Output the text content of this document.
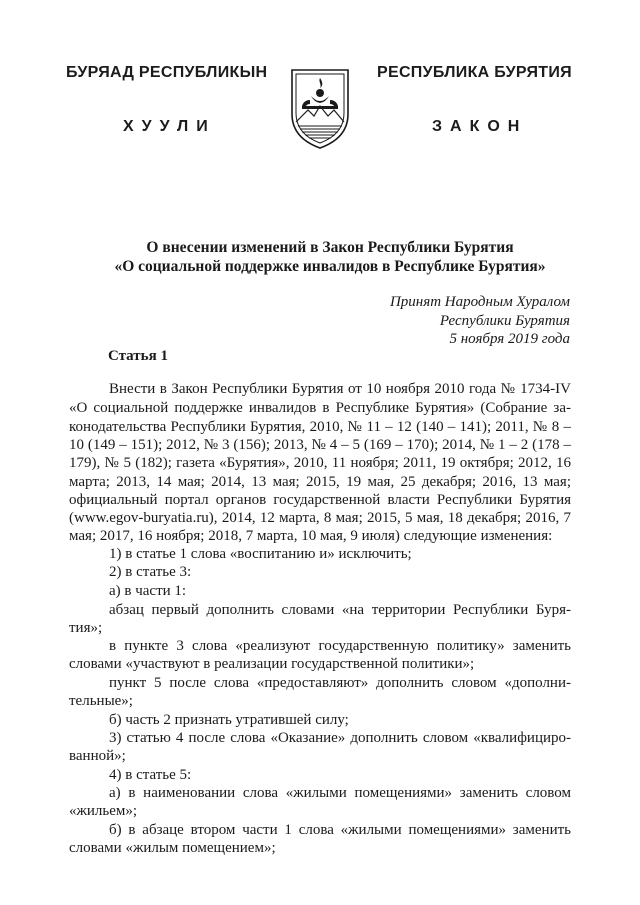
БУРЯАД РЕСПУБЛИКЫН	РЕСПУБЛИКА БУРЯТИЯ
ХУУЛИ	ЗАКОН
О внесении изменений в Закон Республики Бурятия
«О социальной поддержке инвалидов в Республике Бурятия»
Принят Народным Хуралом
Республики Бурятия
5 ноября 2019 года
Статья 1
Внести в Закон Республики Бурятия от 10 ноября 2010 года № 1734-IV
«О социальной поддержке инвалидов в Республике Бурятия» (Собрание за-
конодательства Республики Бурятия, 2010, № 11 – 12 (140 – 141); 2011, № 8 –
10 (149 – 151); 2012, № 3 (156); 2013, № 4 – 5 (169 – 170); 2014, № 1 – 2 (178 –
179), № 5 (182); газета «Бурятия», 2010, 11 ноября; 2011, 19 октября; 2012, 16
марта; 2013, 14 мая; 2014, 13 мая; 2015, 19 мая, 25 декабря; 2016, 13 мая;
официальный портал органов государственной власти Республики Бурятия
(www.egov-buryatia.ru), 2014, 12 марта, 8 мая; 2015, 5 мая, 18 декабря; 2016, 7
мая; 2017, 16 ноября; 2018, 7 марта, 10 мая, 9 июля) следующие изменения:
1) в статье 1 слова «воспитанию и» исключить;
2) в статье 3:
а) в части 1:
абзац первый дополнить словами «на территории Республики Буря-
тия»;
в пункте 3 слова «реализуют государственную политику» заменить
словами «участвуют в реализации государственной политики»;
пункт 5 после слова «предоставляют» дополнить словом «дополни-
тельные»;
б) часть 2 признать утратившей силу;
3) статью 4 после слова «Оказание» дополнить словом «квалифициро-
ванной»;
4) в статье 5:
а) в наименовании слова «жилыми помещениями» заменить словом
«жильем»;
б) в абзаце втором части 1 слова «жилыми помещениями» заменить
словами «жилым помещением»;
